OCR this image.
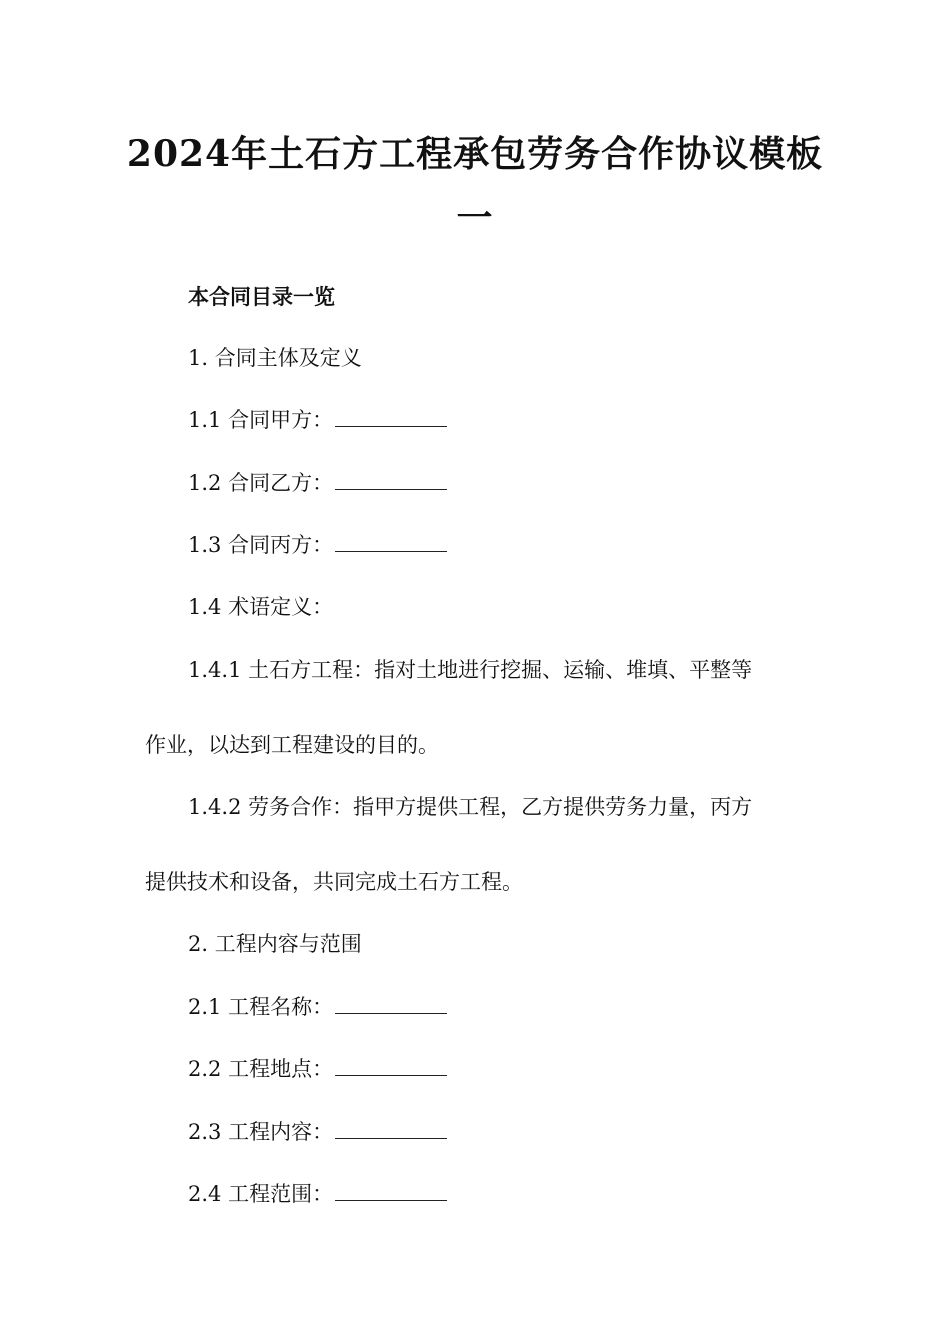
2024年土石方工程承包劳务合作协议模板
一

本合同目录一览

1. 合同主体及定义

1.1 合同甲方：

1.2 合同乙方：

1.3 合同丙方：

1.4 术语定义：

1.4.1 土石方工程：指对土地进行挖掘、运输、堆填、平整等

作业，以达到工程建设的目的。

1.4.2 劳务合作：指甲方提供工程，乙方提供劳务力量，丙方

提供技术和设备，共同完成土石方工程。

2. 工程内容与范围

2.1 工程名称：

2.2 工程地点：

2.3 工程内容：

2.4 工程范围：
